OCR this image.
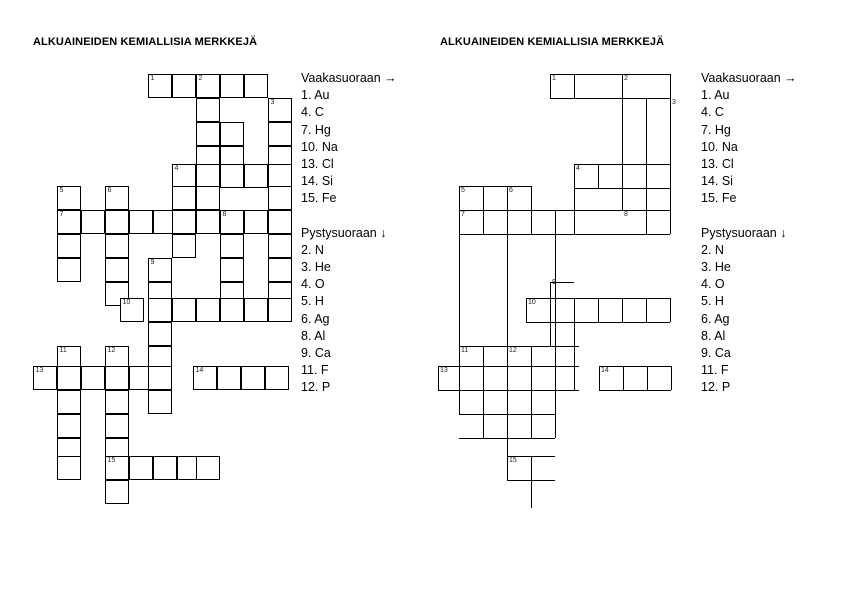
ALKUAINEIDEN KEMIALLISIA MERKKEJÄ
1	2
3
4
5	6
7	8
9
10
11	12
13	14
15
Vaakasuoraan →
1. Au
4. C
7. Hg
10. Na
13. Cl
14. Si
15. Fe
Pystysuoraan ↓
2. N
3. He
4. O
5. H
6. Ag
8. Al
9. Ca
11. F
12. P
ALKUAINEIDEN KEMIALLISIA MERKKEJÄ
1	2
3
4
5	6
7	8
9
10
11	12
13	14
15
Vaakasuoraan →
1. Au
4. C
7. Hg
10. Na
13. Cl
14. Si
15. Fe
Pystysuoraan ↓
2. N
3. He
4. O
5. H
6. Ag
8. Al
9. Ca
11. F
12. P
